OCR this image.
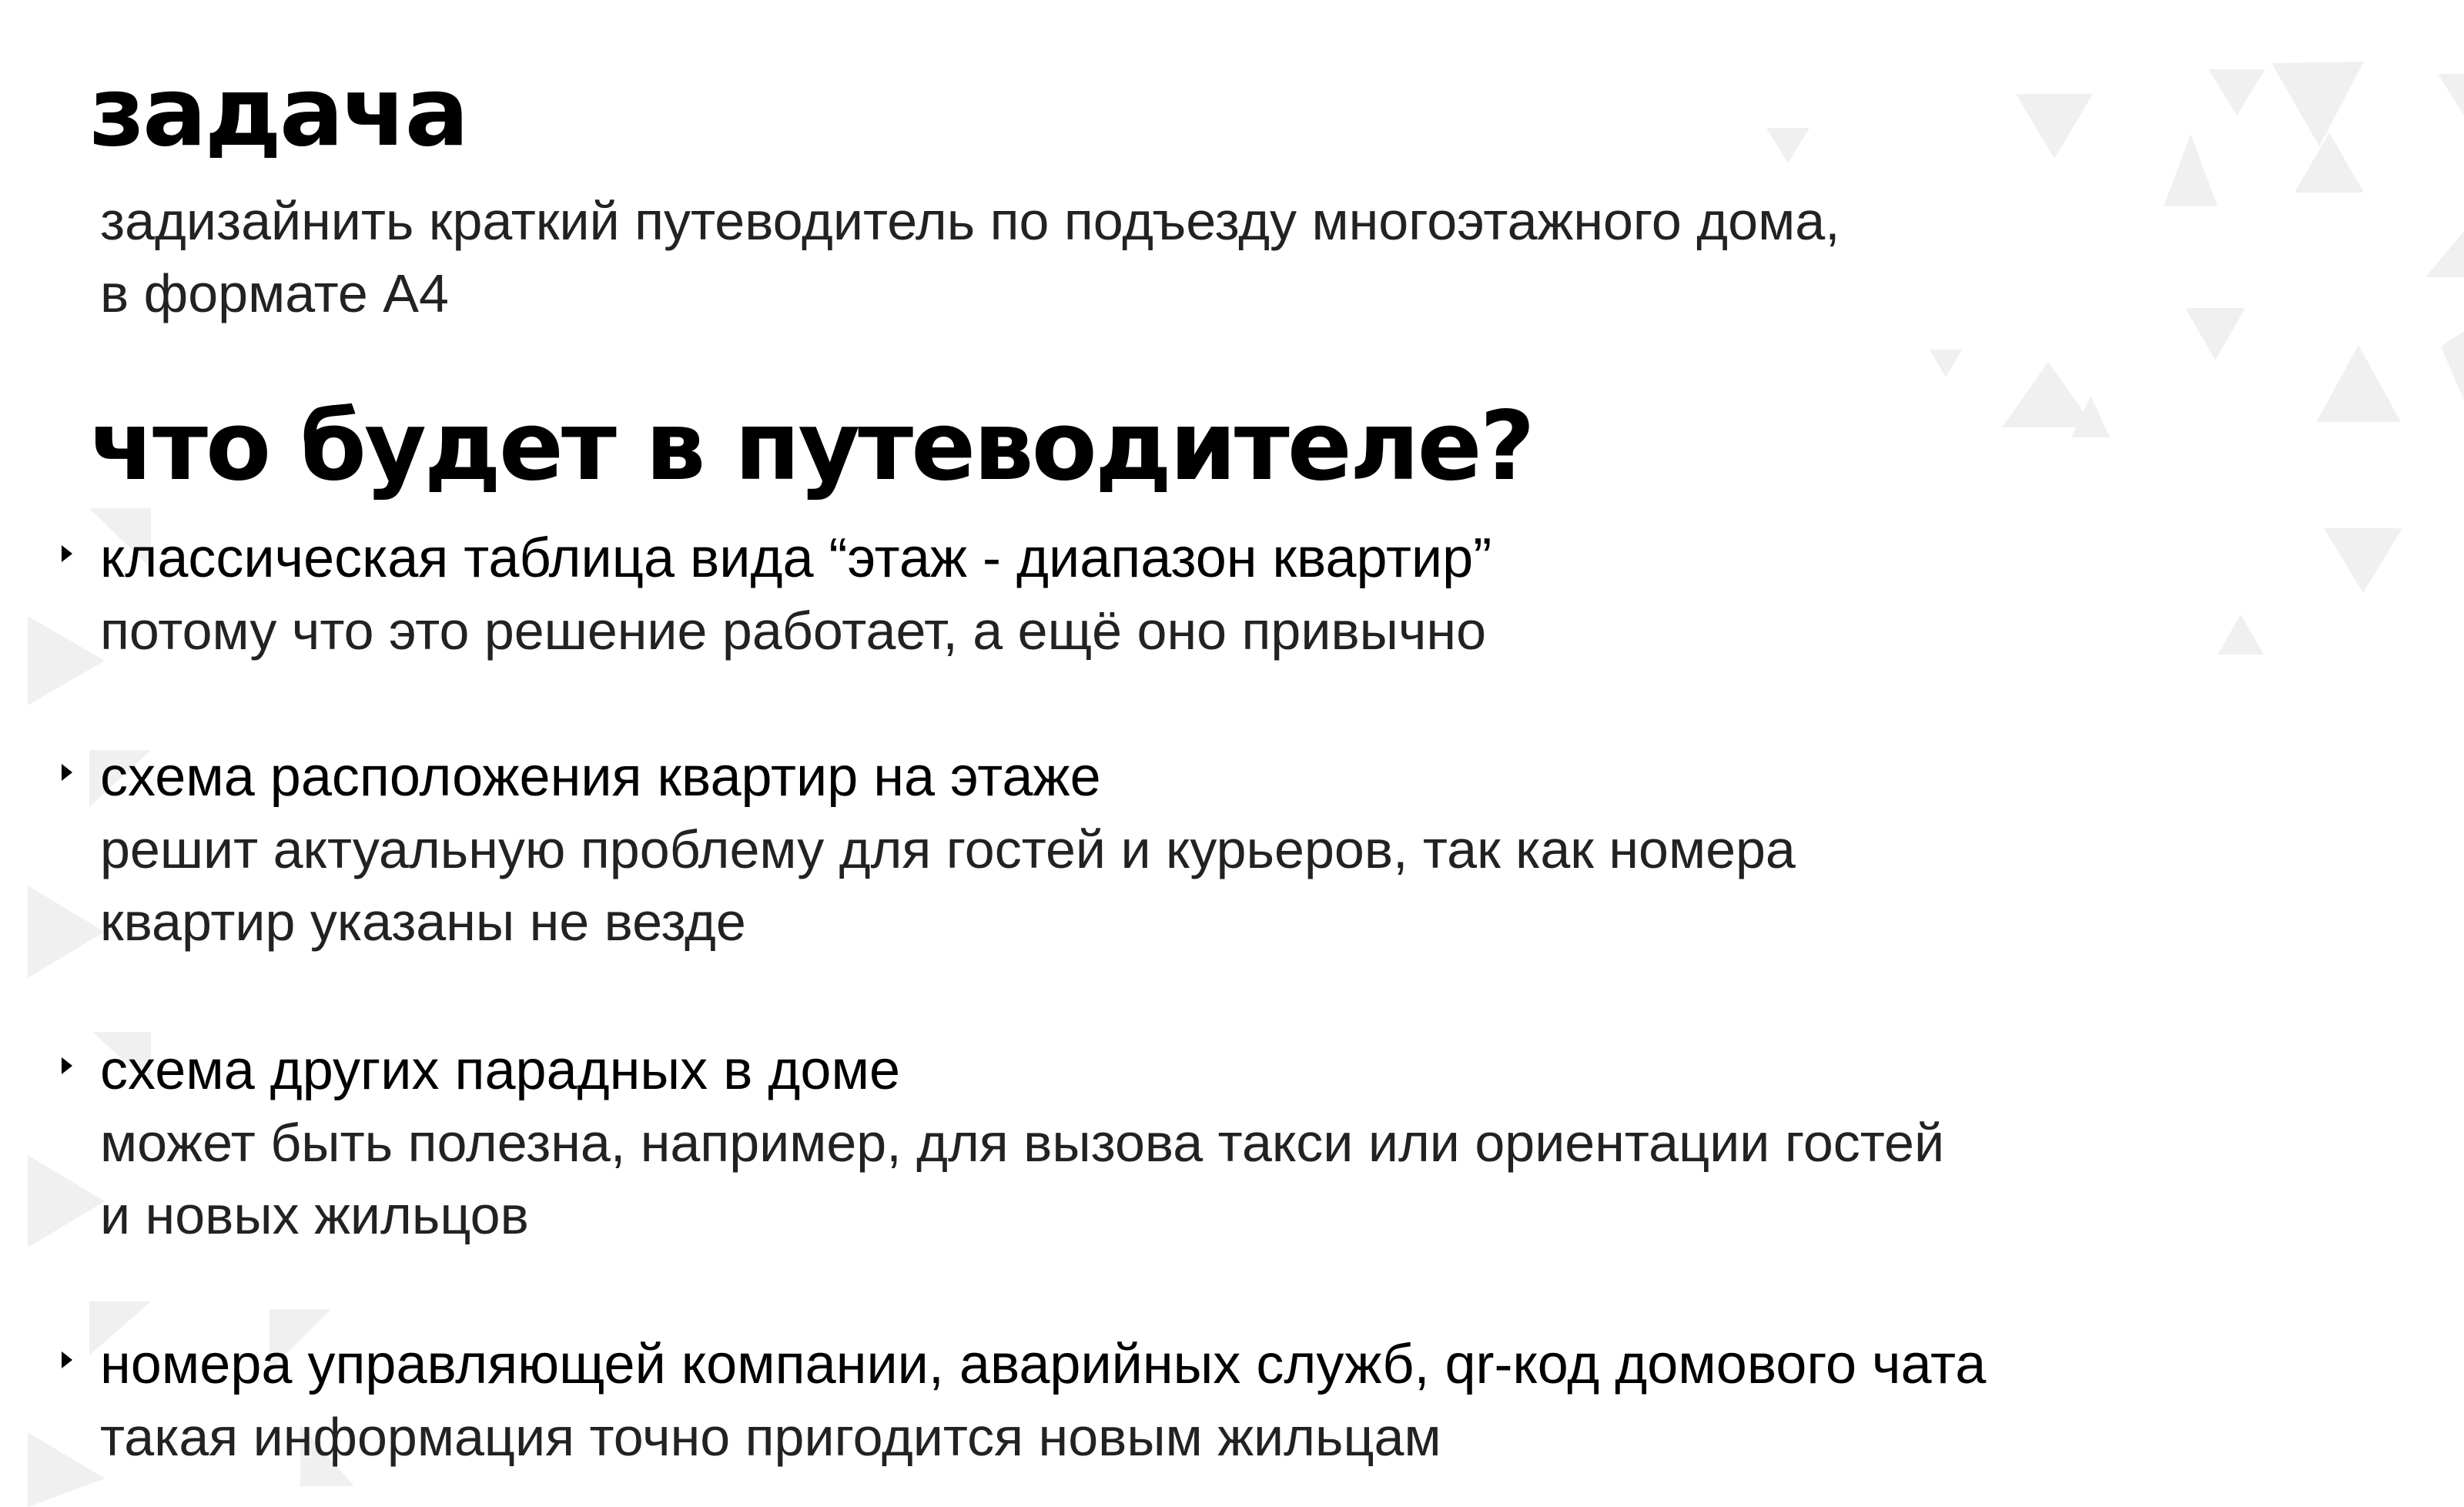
задача
задизайнить краткий путеводитель по подъезду многоэтажного дома,
в формате А4
что будет в путеводителе?
классическая таблица вида “этаж - диапазон квартир”
потому что это решение работает, а ещё оно привычно
схема расположения квартир на этаже
решит актуальную проблему для гостей и курьеров, так как номера
квартир указаны не везде
схема других парадных в доме
может быть полезна, например, для вызова такси или ориентации гостей
и новых жильцов
номера управляющей компании, аварийных служб, qr-код домового чата
такая информация точно пригодится новым жильцам
